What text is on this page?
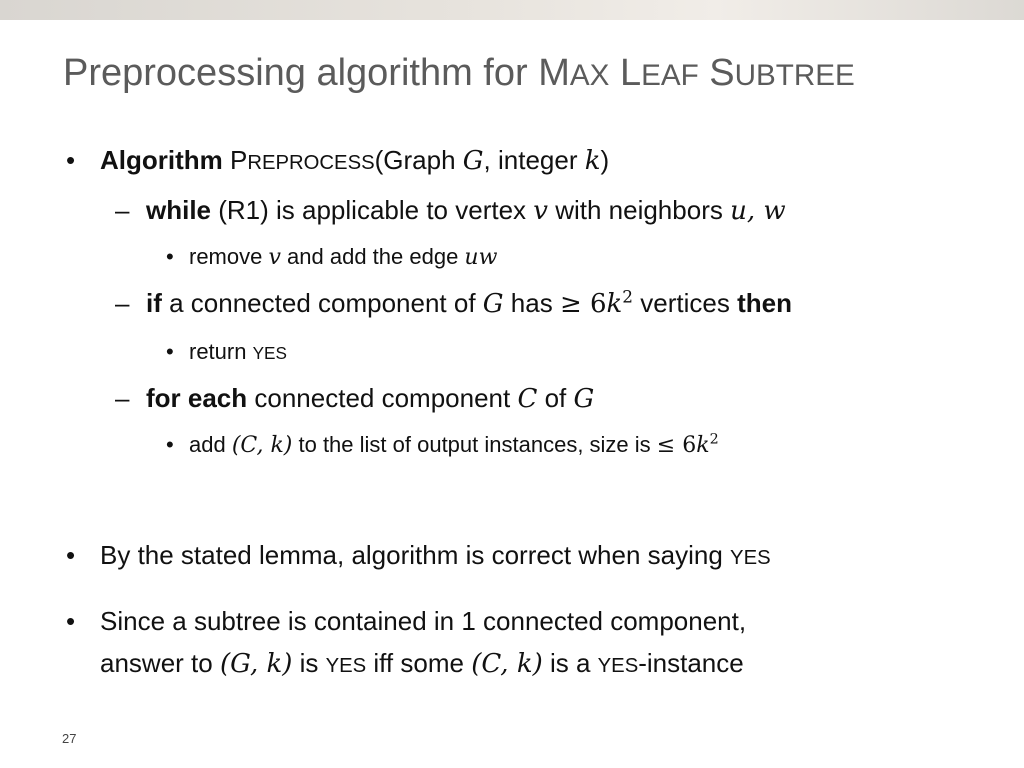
Preprocessing algorithm for MAX LEAF SUBTREE
• Algorithm PREPROCESS(Graph G, integer k)
– while (R1) is applicable to vertex v with neighbors u, w
• remove v and add the edge uw
– if a connected component of G has ≥ $6k^2$ vertices then
• return YES
– for each connected component C of G
• add (C, k) to the list of output instances, size is ≤ $6k^2$
• By the stated lemma, algorithm is correct when saying YES
• Since a subtree is contained in 1 connected component,
answer to (G, k) is YES iff some (C, k) is a YES-instance
27
